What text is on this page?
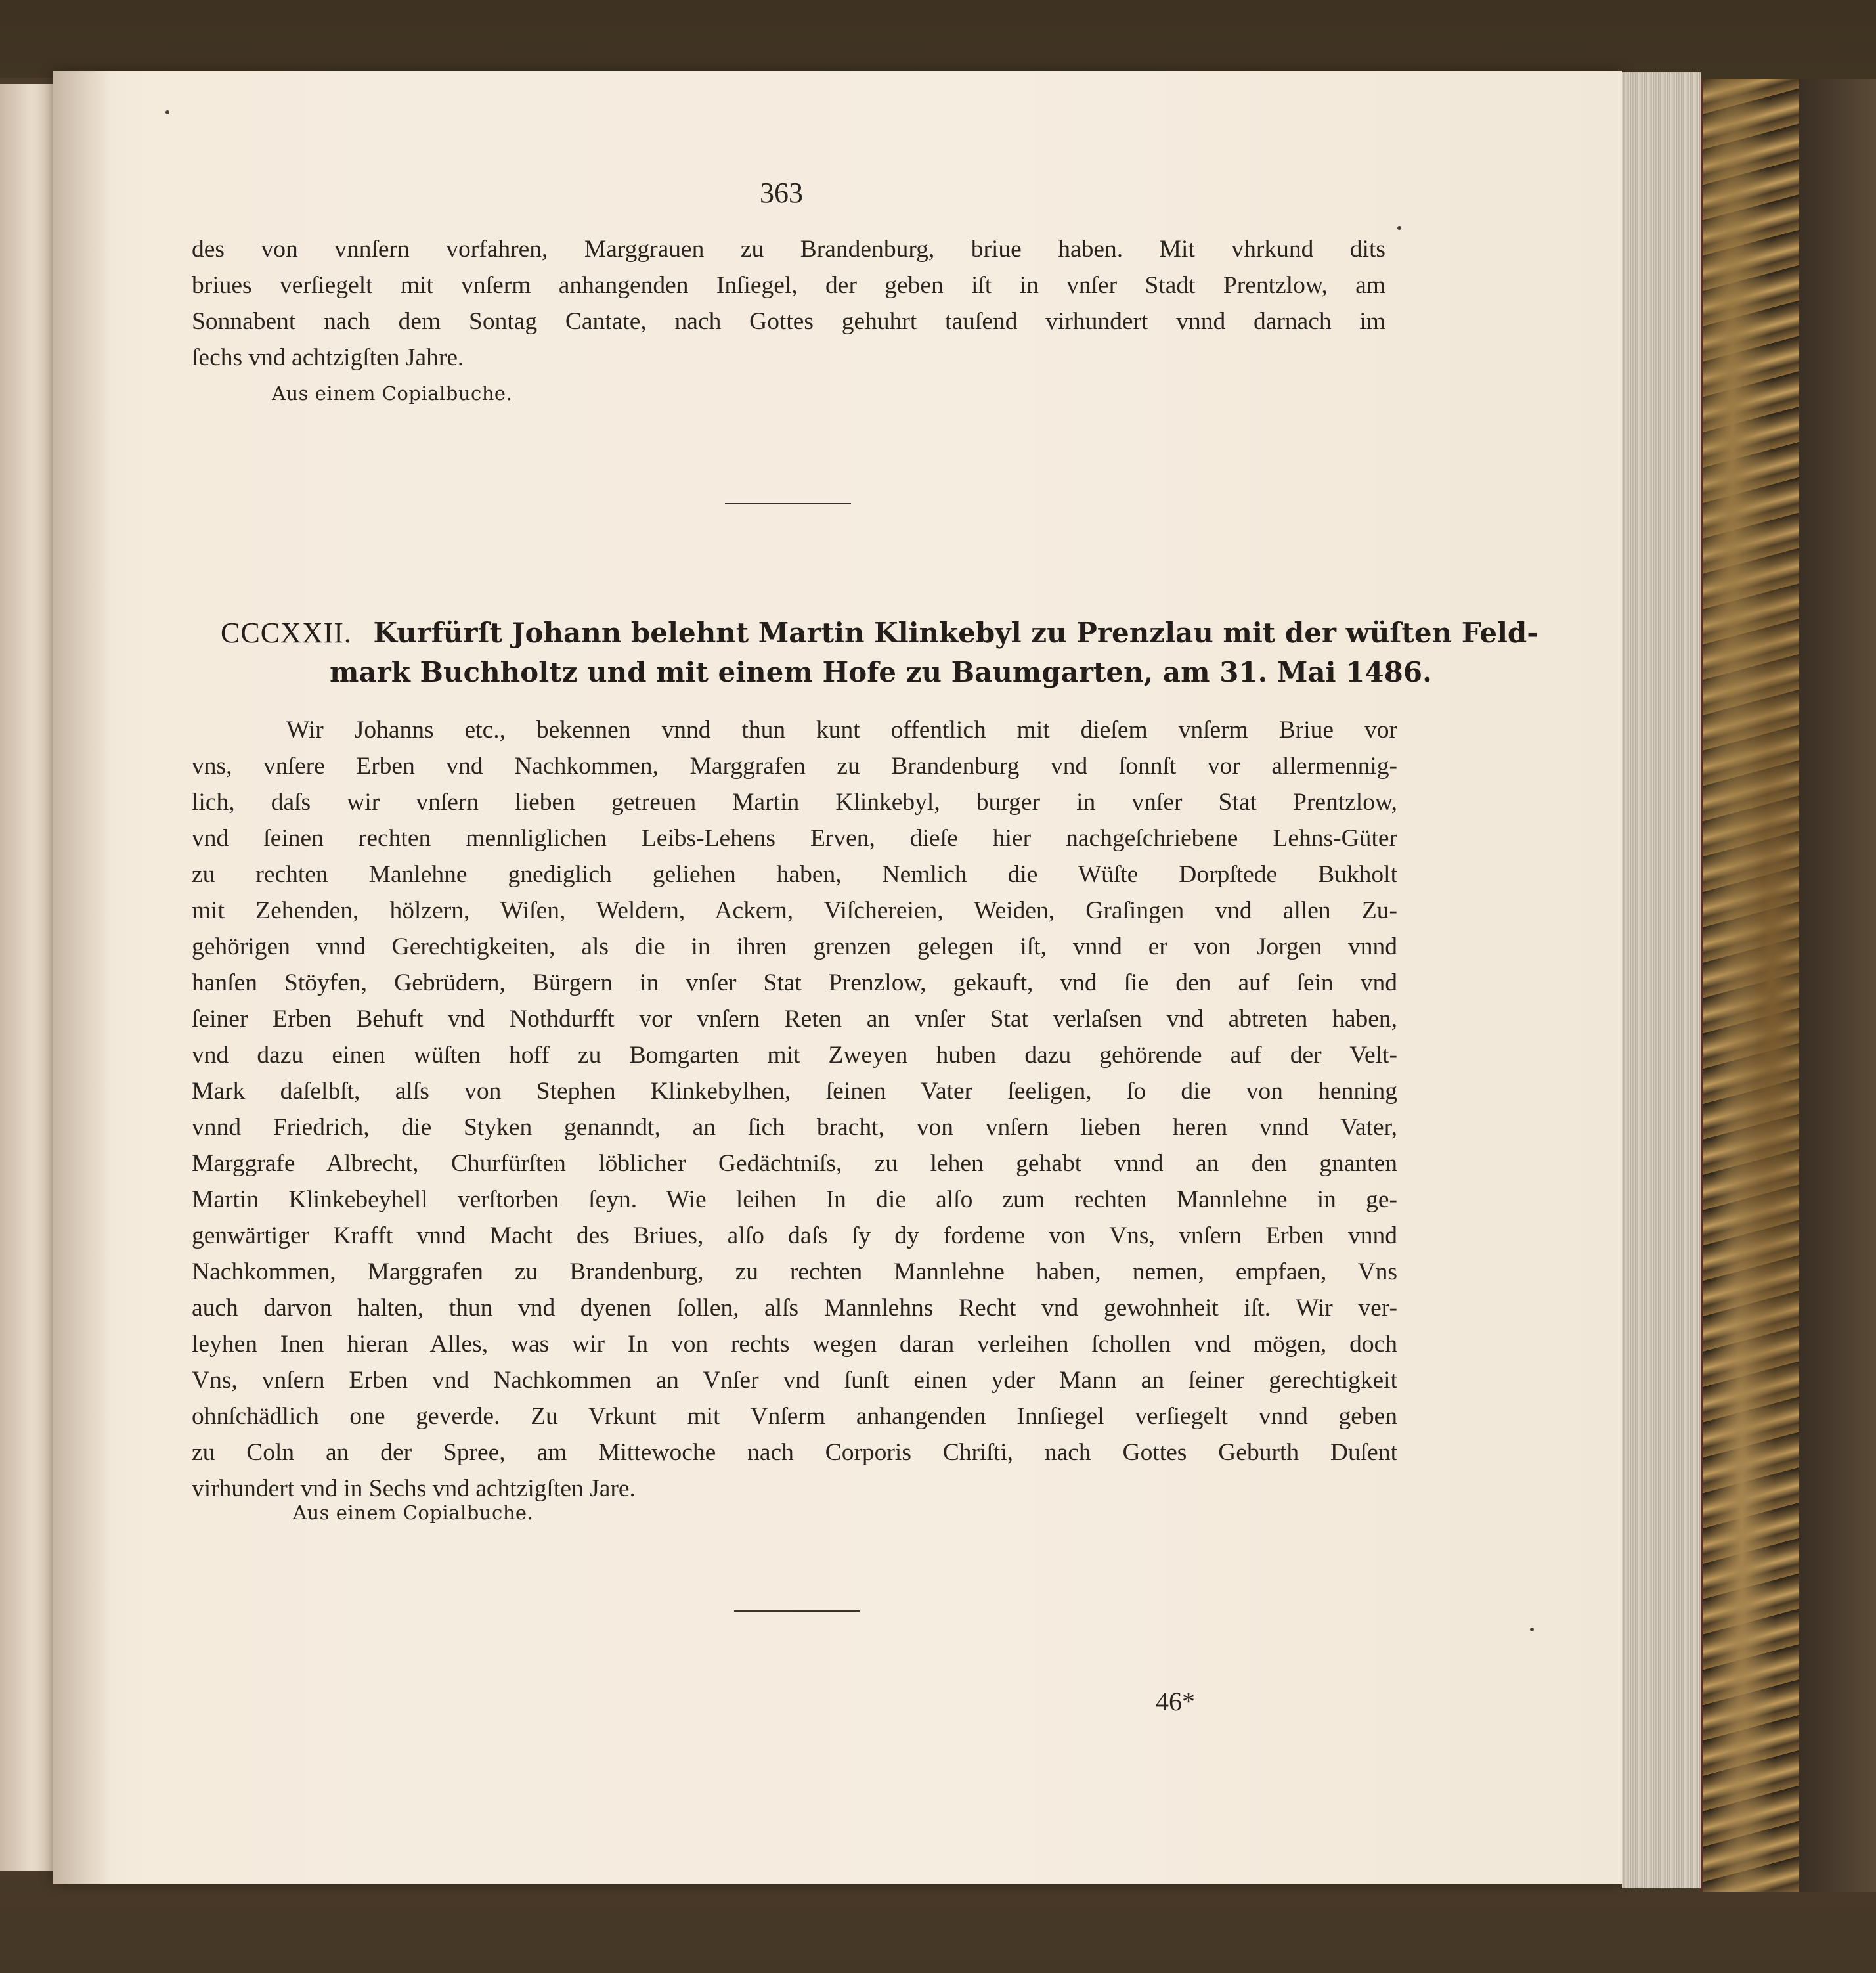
363
des von vnnſern vorfahren, Marggrauen zu Brandenburg, briue haben. Mit vhrkund dits
briues verſiegelt mit vnſerm anhangenden Inſiegel, der geben iſt in vnſer Stadt Prentzlow, am
Sonnabent nach dem Sontag Cantate, nach Gottes gehuhrt tauſend virhundert vnnd darnach im
ſechs vnd achtzigſten Jahre.
Aus einem Copialbuche.
CCCXXII. Kurfürſt Johann belehnt Martin Klinkebyl zu Prenzlau mit der wüſten Feld-
mark Buchholtz und mit einem Hofe zu Baumgarten, am 31. Mai 1486.
Wir Johanns etc., bekennen vnnd thun kunt offentlich mit dieſem vnſerm Briue vor
vns, vnſere Erben vnd Nachkommen, Marggrafen zu Brandenburg vnd ſonnſt vor allermennig-
lich, daſs wir vnſern lieben getreuen Martin Klinkebyl, burger in vnſer Stat Prentzlow,
vnd ſeinen rechten mennliglichen Leibs-Lehens Erven, dieſe hier nachgeſchriebene Lehns-Güter
zu rechten Manlehne gnediglich geliehen haben, Nemlich die Wüſte Dorpſtede Bukholt
mit Zehenden, hölzern, Wiſen, Weldern, Ackern, Viſchereien, Weiden, Graſingen vnd allen Zu-
gehörigen vnnd Gerechtigkeiten, als die in ihren grenzen gelegen iſt, vnnd er von Jorgen vnnd
hanſen Stöyfen, Gebrüdern, Bürgern in vnſer Stat Prenzlow, gekauft, vnd ſie den auf ſein vnd
ſeiner Erben Behuft vnd Nothdurfft vor vnſern Reten an vnſer Stat verlaſsen vnd abtreten haben,
vnd dazu einen wüſten hoff zu Bomgarten mit Zweyen huben dazu gehörende auf der Velt-
Mark daſelbſt, alſs von Stephen Klinkebylhen, ſeinen Vater ſeeligen, ſo die von henning
vnnd Friedrich, die Styken genanndt, an ſich bracht, von vnſern lieben heren vnnd Vater,
Marggrafe Albrecht, Churfürſten löblicher Gedächtniſs, zu lehen gehabt vnnd an den gnanten
Martin Klinkebeyhell verſtorben ſeyn. Wie leihen In die alſo zum rechten Mannlehne in ge-
genwärtiger Krafft vnnd Macht des Briues, alſo daſs ſy dy fordeme von Vns, vnſern Erben vnnd
Nachkommen, Marggrafen zu Brandenburg, zu rechten Mannlehne haben, nemen, empfaen, Vns
auch darvon halten, thun vnd dyenen ſollen, alſs Mannlehns Recht vnd gewohnheit iſt. Wir ver-
leyhen Inen hieran Alles, was wir In von rechts wegen daran verleihen ſchollen vnd mögen, doch
Vns, vnſern Erben vnd Nachkommen an Vnſer vnd ſunſt einen yder Mann an ſeiner gerechtigkeit
ohnſchädlich one geverde. Zu Vrkunt mit Vnſerm anhangenden Innſiegel verſiegelt vnnd geben
zu Coln an der Spree, am Mittewoche nach Corporis Chriſti, nach Gottes Geburth Duſent
virhundert vnd in Sechs vnd achtzigſten Jare.
Aus einem Copialbuche.
46*
